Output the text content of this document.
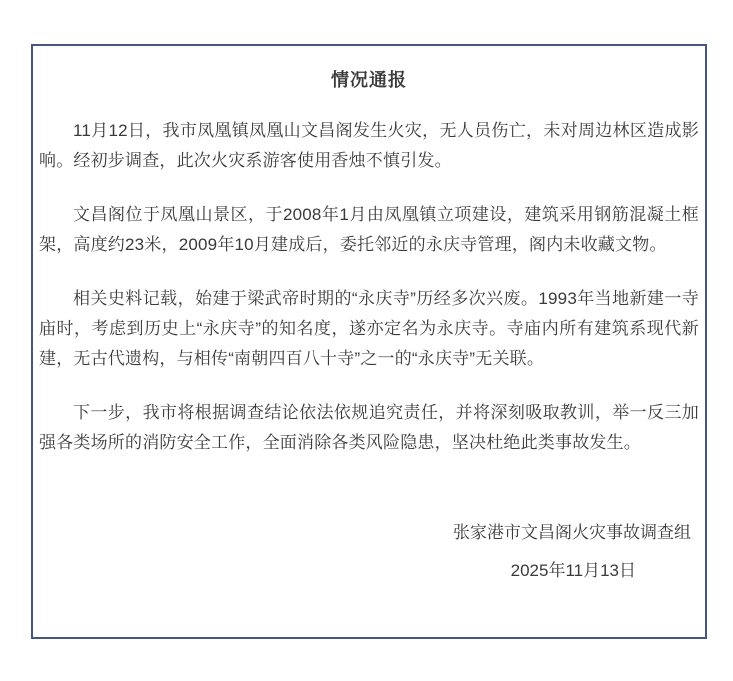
情况通报

11月12日，我市凤凰镇凤凰山文昌阁发生火灾，无人员伤亡，未对周边林区造成影响。经初步调查，此次火灾系游客使用香烛不慎引发。

文昌阁位于凤凰山景区，于2008年1月由凤凰镇立项建设，建筑采用钢筋混凝土框架，高度约23米，2009年10月建成后，委托邻近的永庆寺管理，阁内未收藏文物。

相关史料记载，始建于梁武帝时期的“永庆寺”历经多次兴废。1993年当地新建一寺庙时，考虑到历史上“永庆寺”的知名度，遂亦定名为永庆寺。寺庙内所有建筑系现代新建，无古代遗构，与相传“南朝四百八十寺”之一的“永庆寺”无关联。

下一步，我市将根据调查结论依法依规追究责任，并将深刻吸取教训，举一反三加强各类场所的消防安全工作，全面消除各类风险隐患，坚决杜绝此类事故发生。

张家港市文昌阁火灾事故调查组
2025年11月13日
